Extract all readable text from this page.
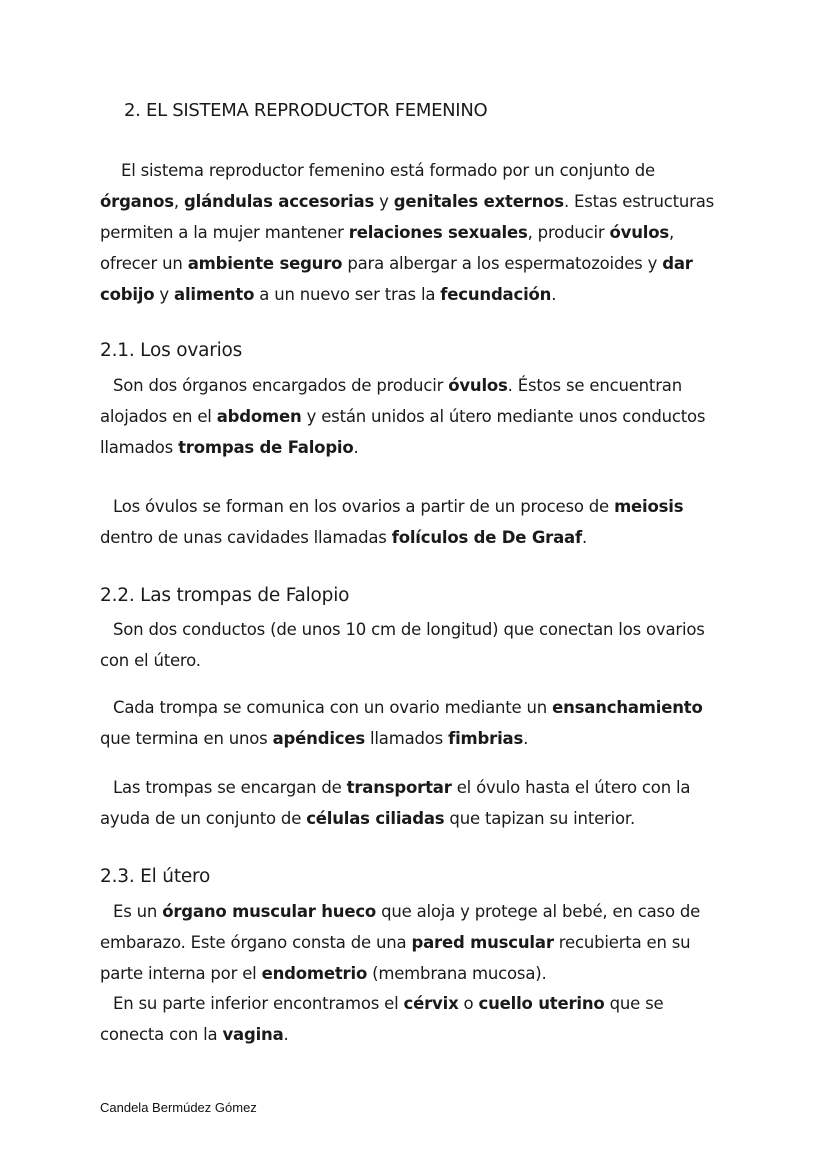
2. EL SISTEMA REPRODUCTOR FEMENINO
El sistema reproductor femenino está formado por un conjunto de órganos, glándulas accesorias y genitales externos. Estas estructuras permiten a la mujer mantener relaciones sexuales, producir óvulos, ofrecer un ambiente seguro para albergar a los espermatozoides y dar cobijo y alimento a un nuevo ser tras la fecundación.
2.1. Los ovarios
Son dos órganos encargados de producir óvulos. Éstos se encuentran alojados en el abdomen y están unidos al útero mediante unos conductos llamados trompas de Falopio.
Los óvulos se forman en los ovarios a partir de un proceso de meiosis dentro de unas cavidades llamadas folículos de De Graaf.
2.2. Las trompas de Falopio
Son dos conductos (de unos 10 cm de longitud) que conectan los ovarios con el útero.
Cada trompa se comunica con un ovario mediante un ensanchamiento que termina en unos apéndices llamados fimbrias.
Las trompas se encargan de transportar el óvulo hasta el útero con la ayuda de un conjunto de células ciliadas que tapizan su interior.
2.3. El útero
Es un órgano muscular hueco que aloja y protege al bebé, en caso de embarazo. Este órgano consta de una pared muscular recubierta en su parte interna por el endometrio (membrana mucosa).
En su parte inferior encontramos el cérvix o cuello uterino que se conecta con la vagina.
Candela Bermúdez Gómez
